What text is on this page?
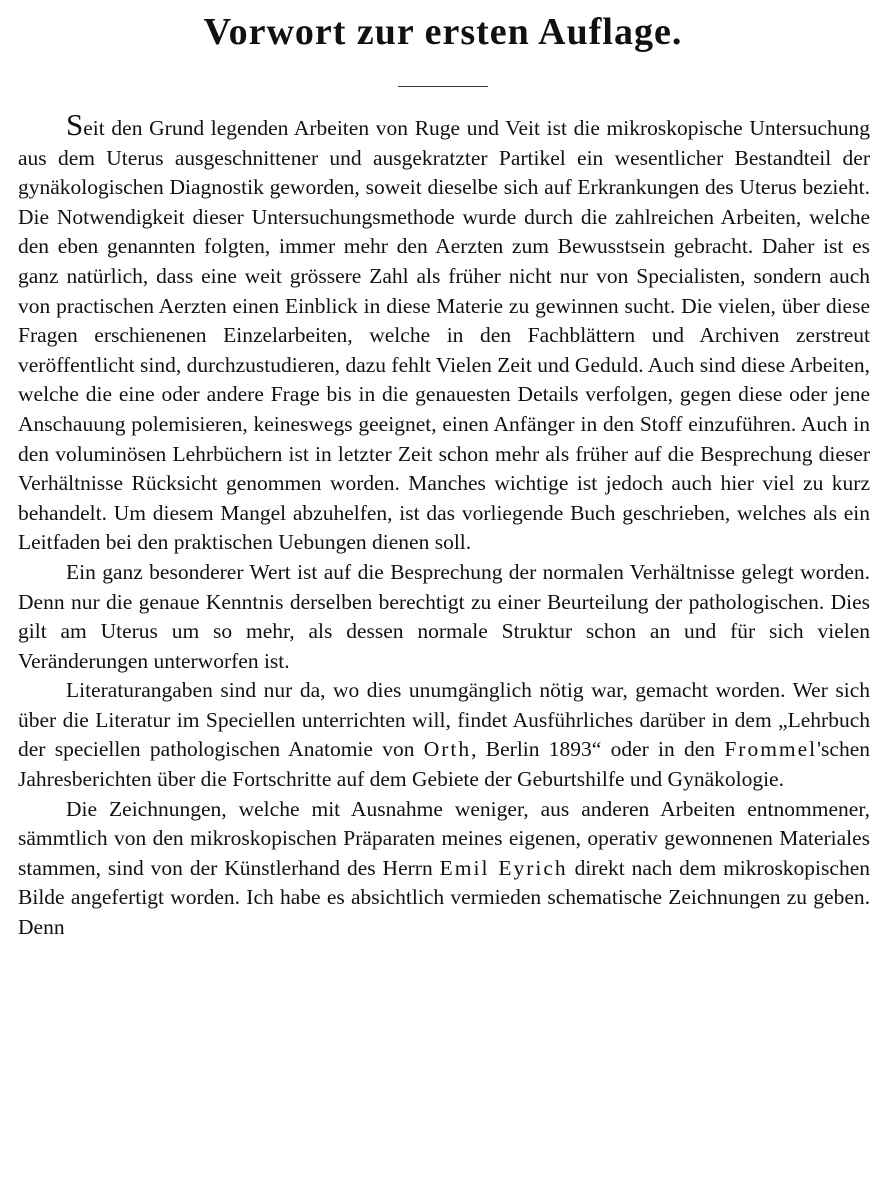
Vorwort zur ersten Auflage.

Seit den Grund legenden Arbeiten von Ruge und Veit ist die mikroskopische Untersuchung aus dem Uterus ausgeschnittener und ausgekratzter Partikel ein wesentlicher Bestandteil der gynäkologischen Diagnostik geworden, soweit dieselbe sich auf Erkrankungen des Uterus bezieht. Die Notwendigkeit dieser Untersuchungsmethode wurde durch die zahlreichen Arbeiten, welche den eben genannten folgten, immer mehr den Aerzten zum Bewusstsein gebracht. Daher ist es ganz natürlich, dass eine weit grössere Zahl als früher nicht nur von Specialisten, sondern auch von practischen Aerzten einen Einblick in diese Materie zu gewinnen sucht. Die vielen, über diese Fragen erschienenen Einzelarbeiten, welche in den Fachblättern und Archiven zerstreut veröffentlicht sind, durchzustudieren, dazu fehlt Vielen Zeit und Geduld. Auch sind diese Arbeiten, welche die eine oder andere Frage bis in die genauesten Details verfolgen, gegen diese oder jene Anschauung polemisieren, keineswegs geeignet, einen Anfänger in den Stoff einzuführen. Auch in den voluminösen Lehrbüchern ist in letzter Zeit schon mehr als früher auf die Besprechung dieser Verhältnisse Rücksicht genommen worden. Manches wichtige ist jedoch auch hier viel zu kurz behandelt. Um diesem Mangel abzuhelfen, ist das vorliegende Buch geschrieben, welches als ein Leitfaden bei den praktischen Uebungen dienen soll.

Ein ganz besonderer Wert ist auf die Besprechung der normalen Verhältnisse gelegt worden. Denn nur die genaue Kenntnis derselben berechtigt zu einer Beurteilung der pathologischen. Dies gilt am Uterus um so mehr, als dessen normale Struktur schon an und für sich vielen Veränderungen unterworfen ist.

Literaturangaben sind nur da, wo dies unumgänglich nötig war, gemacht worden. Wer sich über die Literatur im Speciellen unterrichten will, findet Ausführliches darüber in dem „Lehrbuch der speciellen pathologischen Anatomie von Orth, Berlin 1893“ oder in den Frommel'schen Jahresberichten über die Fortschritte auf dem Gebiete der Geburtshilfe und Gynäkologie.

Die Zeichnungen, welche mit Ausnahme weniger, aus anderen Arbeiten entnommener, sämmtlich von den mikroskopischen Präparaten meines eigenen, operativ gewonnenen Materiales stammen, sind von der Künstlerhand des Herrn Emil Eyrich direkt nach dem mikroskopischen Bilde angefertigt worden. Ich habe es absichtlich vermieden schematische Zeichnungen zu geben. Denn
